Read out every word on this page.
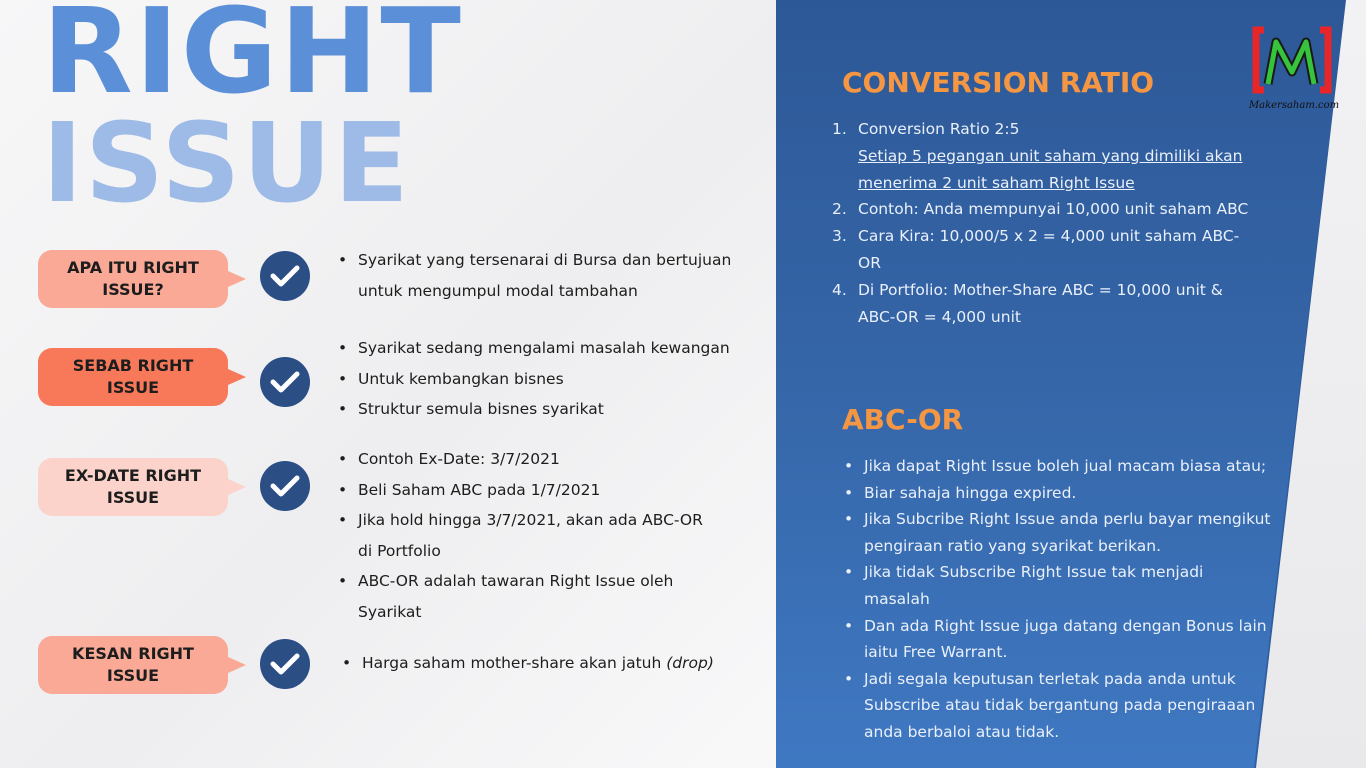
RIGHT
ISSUE
APA ITU RIGHT
ISSUE?
• Syarikat yang tersenarai di Bursa dan bertujuan untuk mengumpul modal tambahan
SEBAB RIGHT
ISSUE
• Syarikat sedang mengalami masalah kewangan
• Untuk kembangkan bisnes
• Struktur semula bisnes syarikat
EX-DATE RIGHT
ISSUE
• Contoh Ex-Date: 3/7/2021
• Beli Saham ABC pada 1/7/2021
• Jika hold hingga 3/7/2021, akan ada ABC-OR di Portfolio
• ABC-OR adalah tawaran Right Issue oleh Syarikat
KESAN RIGHT
ISSUE
• Harga saham mother-share akan jatuh (drop)
CONVERSION RATIO
1. Conversion Ratio 2:5
Setiap 5 pegangan unit saham yang dimiliki akan menerima 2 unit saham Right Issue
2. Contoh: Anda mempunyai 10,000 unit saham ABC
3. Cara Kira: 10,000/5 x 2 = 4,000 unit saham ABC-OR
4. Di Portfolio: Mother-Share ABC = 10,000 unit & ABC-OR = 4,000 unit
ABC-OR
• Jika dapat Right Issue boleh jual macam biasa atau;
• Biar sahaja hingga expired.
• Jika Subcribe Right Issue anda perlu bayar mengikut pengiraan ratio yang syarikat berikan.
• Jika tidak Subscribe Right Issue tak menjadi masalah
• Dan ada Right Issue juga datang dengan Bonus lain iaitu Free Warrant.
• Jadi segala keputusan terletak pada anda untuk Subscribe atau tidak bergantung pada pengiraaan anda berbaloi atau tidak.
M
Makersaham.com
